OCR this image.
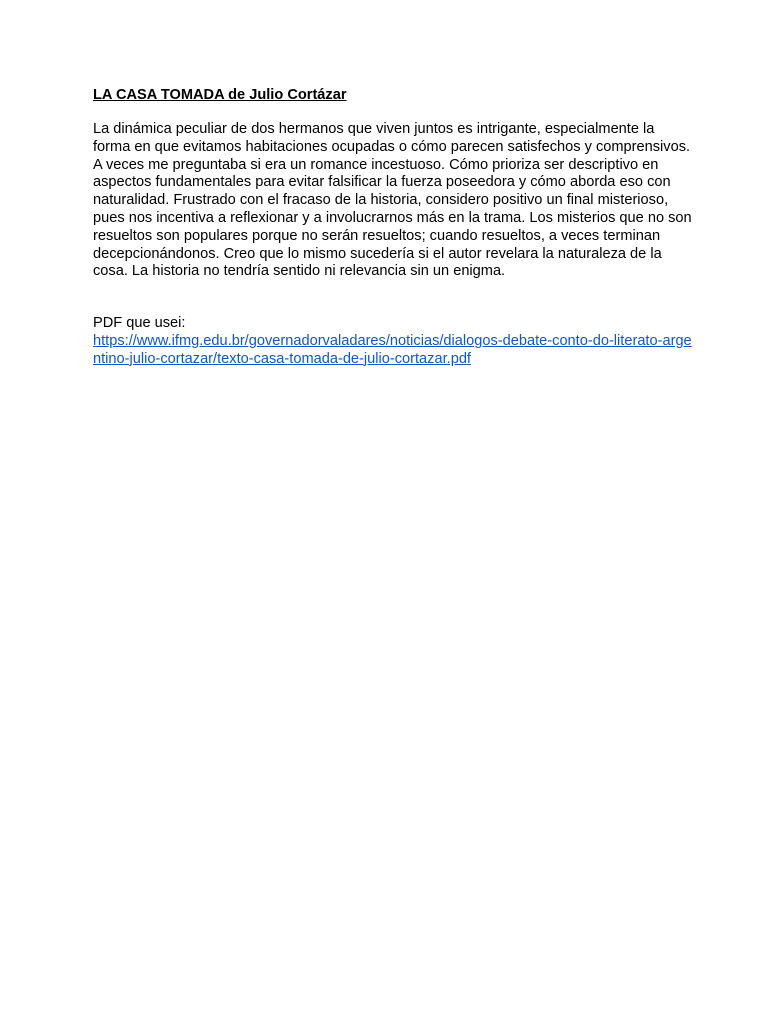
LA CASA TOMADA de Julio Cortázar
La dinámica peculiar de dos hermanos que viven juntos es intrigante, especialmente la
forma en que evitamos habitaciones ocupadas o cómo parecen satisfechos y comprensivos.
A veces me preguntaba si era un romance incestuoso. Cómo prioriza ser descriptivo en
aspectos fundamentales para evitar falsificar la fuerza poseedora y cómo aborda eso con
naturalidad. Frustrado con el fracaso de la historia, considero positivo un final misterioso,
pues nos incentiva a reflexionar y a involucrarnos más en la trama. Los misterios que no son
resueltos son populares porque no serán resueltos; cuando resueltos, a veces terminan
decepcionándonos. Creo que lo mismo sucedería si el autor revelara la naturaleza de la
cosa. La historia no tendría sentido ni relevancia sin un enigma.
PDF que usei:
https://www.ifmg.edu.br/governadorvaladares/noticias/dialogos-debate-conto-do-literato-arge
ntino-julio-cortazar/texto-casa-tomada-de-julio-cortazar.pdf
